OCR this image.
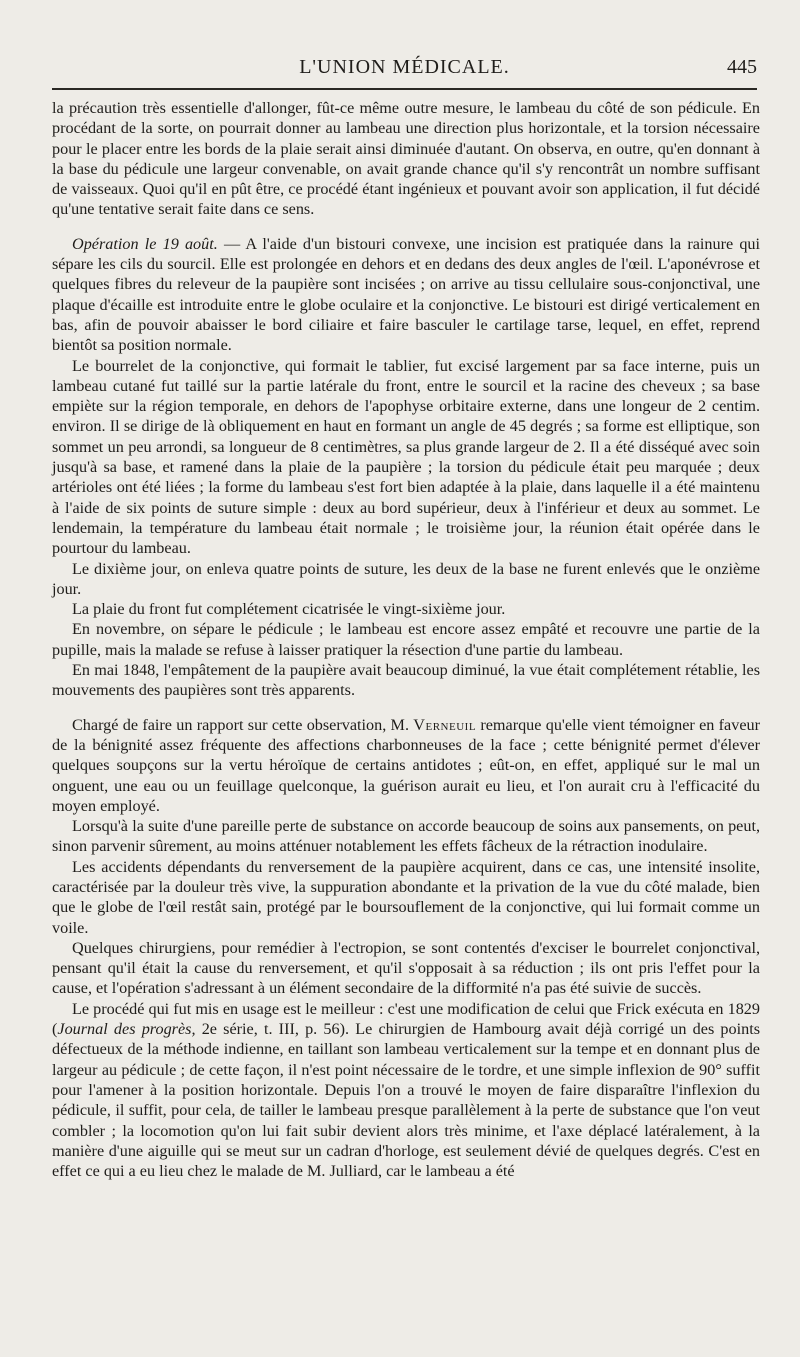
L'UNION MÉDICALE.	445

la précaution très essentielle d'allonger, fût-ce même outre mesure, le lambeau du côté de son pédicule. En procédant de la sorte, on pourrait donner au lambeau une direction plus horizontale, et la torsion nécessaire pour le placer entre les bords de la plaie serait ainsi diminuée d'autant. On observa, en outre, qu'en donnant à la base du pédicule une largeur convenable, on avait grande chance qu'il s'y rencontrât un nombre suffisant de vaisseaux. Quoi qu'il en pût être, ce procédé étant ingénieux et pouvant avoir son application, il fut décidé qu'une tentative serait faite dans ce sens.

Opération le 19 août. — A l'aide d'un bistouri convexe, une incision est pratiquée dans la rainure qui sépare les cils du sourcil. Elle est prolongée en dehors et en dedans des deux angles de l'œil. L'aponévrose et quelques fibres du releveur de la paupière sont incisées ; on arrive au tissu cellulaire sous-conjonctival, une plaque d'écaille est introduite entre le globe oculaire et la conjonctive. Le bistouri est dirigé verticalement en bas, afin de pouvoir abaisser le bord ciliaire et faire basculer le cartilage tarse, lequel, en effet, reprend bientôt sa position normale.

Le bourrelet de la conjonctive, qui formait le tablier, fut excisé largement par sa face interne, puis un lambeau cutané fut taillé sur la partie latérale du front, entre le sourcil et la racine des cheveux ; sa base empiète sur la région temporale, en dehors de l'apophyse orbitaire externe, dans une longeur de 2 centim. environ. Il se dirige de là obliquement en haut en formant un angle de 45 degrés ; sa forme est elliptique, son sommet un peu arrondi, sa longueur de 8 centimètres, sa plus grande largeur de 2. Il a été disséqué avec soin jusqu'à sa base, et ramené dans la plaie de la paupière ; la torsion du pédicule était peu marquée ; deux artérioles ont été liées ; la forme du lambeau s'est fort bien adaptée à la plaie, dans laquelle il a été maintenu à l'aide de six points de suture simple : deux au bord supérieur, deux à l'inférieur et deux au sommet. Le lendemain, la température du lambeau était normale ; le troisième jour, la réunion était opérée dans le pourtour du lambeau.

Le dixième jour, on enleva quatre points de suture, les deux de la base ne furent enlevés que le onzième jour.

La plaie du front fut complétement cicatrisée le vingt-sixième jour.

En novembre, on sépare le pédicule ; le lambeau est encore assez empâté et recouvre une partie de la pupille, mais la malade se refuse à laisser pratiquer la résection d'une partie du lambeau.

En mai 1848, l'empâtement de la paupière avait beaucoup diminué, la vue était complétement rétablie, les mouvements des paupières sont très apparents.

Chargé de faire un rapport sur cette observation, M. Verneuil remarque qu'elle vient témoigner en faveur de la bénignité assez fréquente des affections charbonneuses de la face ; cette bénignité permet d'élever quelques soupçons sur la vertu héroïque de certains antidotes ; eût-on, en effet, appliqué sur le mal un onguent, une eau ou un feuillage quelconque, la guérison aurait eu lieu, et l'on aurait cru à l'efficacité du moyen employé.

Lorsqu'à la suite d'une pareille perte de substance on accorde beaucoup de soins aux pansements, on peut, sinon parvenir sûrement, au moins atténuer notablement les effets fâcheux de la rétraction inodulaire.

Les accidents dépendants du renversement de la paupière acquirent, dans ce cas, une intensité insolite, caractérisée par la douleur très vive, la suppuration abondante et la privation de la vue du côté malade, bien que le globe de l'œil restât sain, protégé par le boursouflement de la conjonctive, qui lui formait comme un voile.

Quelques chirurgiens, pour remédier à l'ectropion, se sont contentés d'exciser le bourrelet conjonctival, pensant qu'il était la cause du renversement, et qu'il s'opposait à sa réduction ; ils ont pris l'effet pour la cause, et l'opération s'adressant à un élément secondaire de la difformité n'a pas été suivie de succès.

Le procédé qui fut mis en usage est le meilleur : c'est une modification de celui que Frick exécuta en 1829 (Journal des progrès, 2e série, t. III, p. 56). Le chirurgien de Hambourg avait déjà corrigé un des points défectueux de la méthode indienne, en taillant son lambeau verticalement sur la tempe et en donnant plus de largeur au pédicule ; de cette façon, il n'est point nécessaire de le tordre, et une simple inflexion de 90° suffit pour l'amener à la position horizontale. Depuis l'on a trouvé le moyen de faire disparaître l'inflexion du pédicule, il suffit, pour cela, de tailler le lambeau presque parallèlement à la perte de substance que l'on veut combler ; la locomotion qu'on lui fait subir devient alors très minime, et l'axe déplacé latéralement, à la manière d'une aiguille qui se meut sur un cadran d'horloge, est seulement dévié de quelques degrés. C'est en effet ce qui a eu lieu chez le malade de M. Julliard, car le lambeau a été
